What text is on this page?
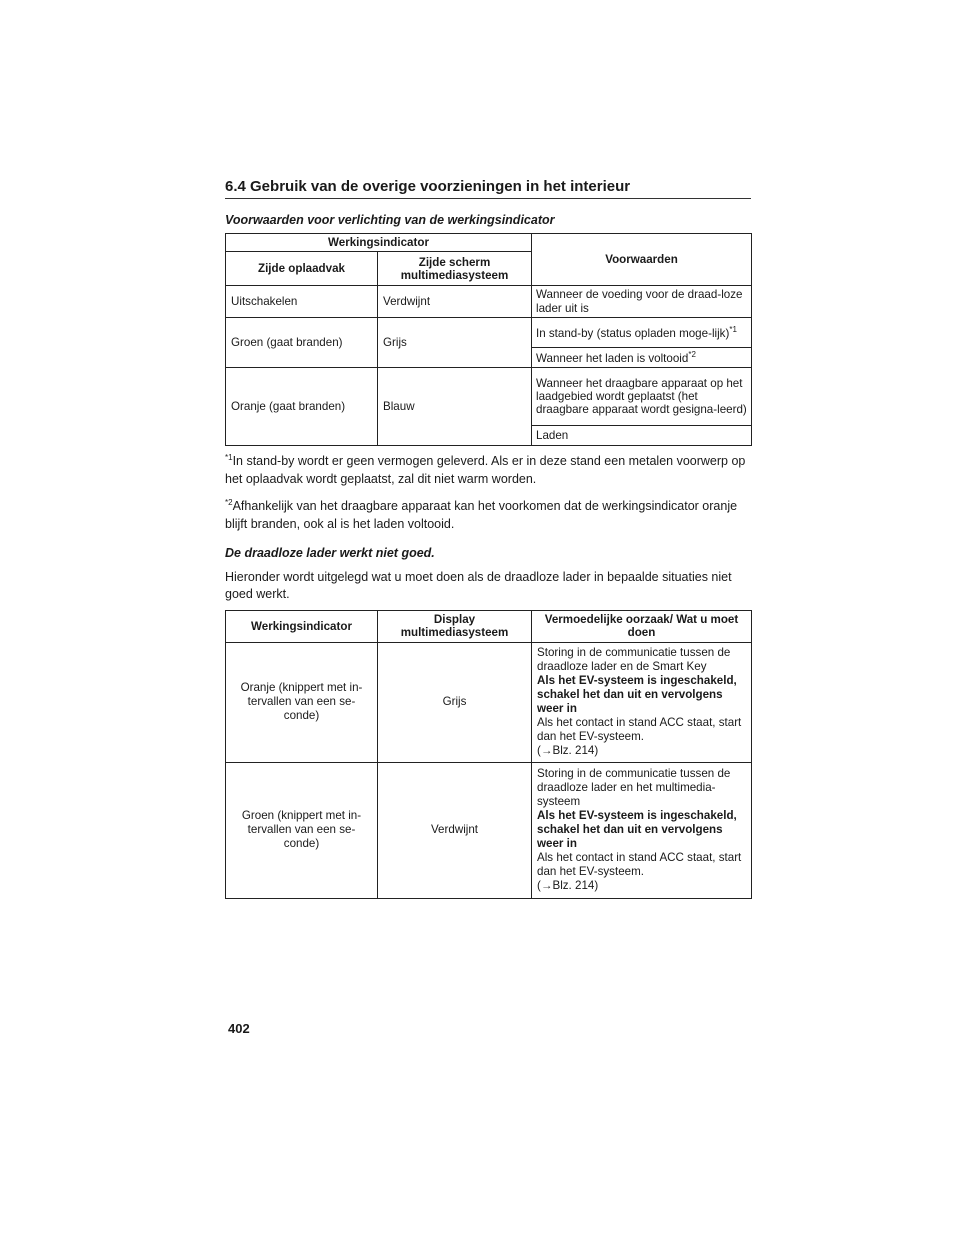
6.4 Gebruik van de overige voorzieningen in het interieur
Voorwaarden voor verlichting van de werkingsindicator
Werkingsindicator		Voorwaarden
Zijde oplaadvak	Zijde scherm multimediasysteem	
Uitschakelen	Verdwijnt	Wanneer de voeding voor de draad-loze lader uit is
Groen (gaat branden)	Grijs	In stand-by (status opladen moge-lijk)$^{*1}$
		Wanneer het laden is voltooid$^{*2}$
Oranje (gaat branden)	Blauw	Wanneer het draagbare apparaat op het laadgebied wordt geplaatst (het draagbare apparaat wordt gesigna-leerd)
		Laden
$^{*1}$In stand-by wordt er geen vermogen geleverd. Als er in deze stand een metalen voorwerp op het oplaadvak wordt geplaatst, zal dit niet warm worden.
$^{*2}$Afhankelijk van het draagbare apparaat kan het voorkomen dat de werkingsindicator oranje blijft branden, ook al is het laden voltooid.
De draadloze lader werkt niet goed.
Hieronder wordt uitgelegd wat u moet doen als de draadloze lader in bepaalde situaties niet goed werkt.
Werkingsindicator	Display multimediasysteem	Vermoedelijke oorzaak/ Wat u moet doen
Oranje (knippert met in-tervallen van een se-conde)	Grijs	Storing in de communicatie tussen de draadloze lader en de Smart Key
Als het EV-systeem is ingeschakeld, schakel het dan uit en vervolgens weer in
Als het contact in stand ACC staat, start dan het EV-systeem.
(→Blz. 214)

Groen (knippert met in-tervallen van een se-conde)	Verdwijnt	Storing in de communicatie tussen de draadloze lader en het multimedia-systeem
Als het EV-systeem is ingeschakeld, schakel het dan uit en vervolgens weer in
Als het contact in stand ACC staat, start dan het EV-systeem.
(→Blz. 214)
402
